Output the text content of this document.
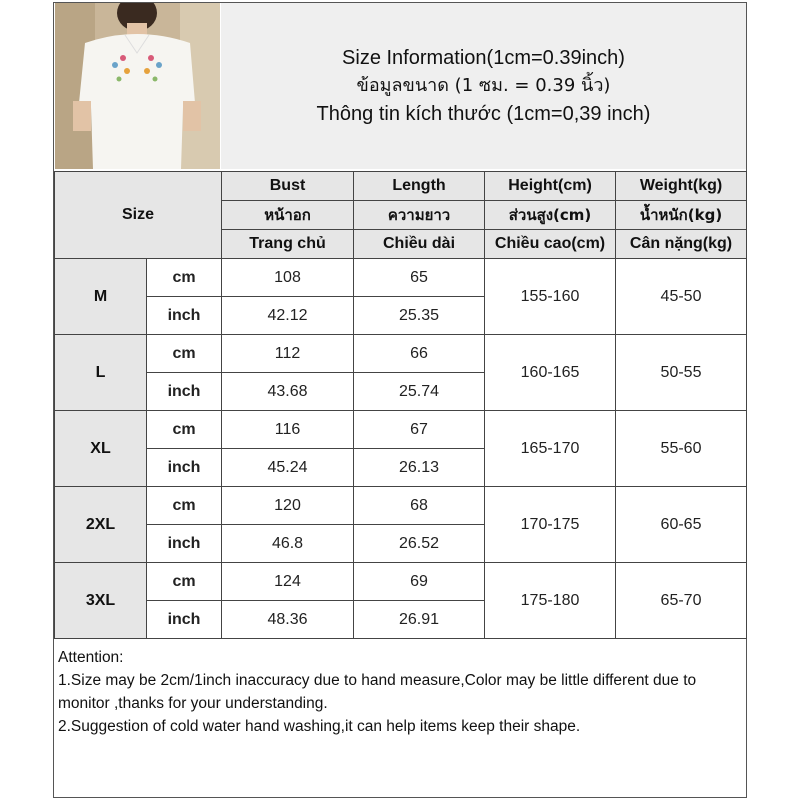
Size Information(1cm=0.39inch)
ข้อมูลขนาด (1 ซม. = 0.39 นิ้ว)
Thông tin kích thước (1cm=0,39 inch)
Size		Bust	Length	Height(cm)	Weight(kg)
		หน้าอก	ความยาว	ส่วนสูง(cm)	น้ำหนัก(kg)
		Trang chủ	Chiều dài	Chiều cao(cm)	Cân nặng(kg)
M	cm	108	65	155-160	45-50
	inch	42.12	25.35		
L	cm	112	66	160-165	50-55
	inch	43.68	25.74		
XL	cm	116	67	165-170	55-60
	inch	45.24	26.13		
2XL	cm	120	68	170-175	60-65
	inch	46.8	26.52		
3XL	cm	124	69	175-180	65-70
	inch	48.36	26.91		
Attention:
1.Size may be 2cm/1inch inaccuracy due to hand measure,Color may be little different due to monitor ,thanks for your understanding.
2.Suggestion of cold water hand washing,it can help items keep their shape.
